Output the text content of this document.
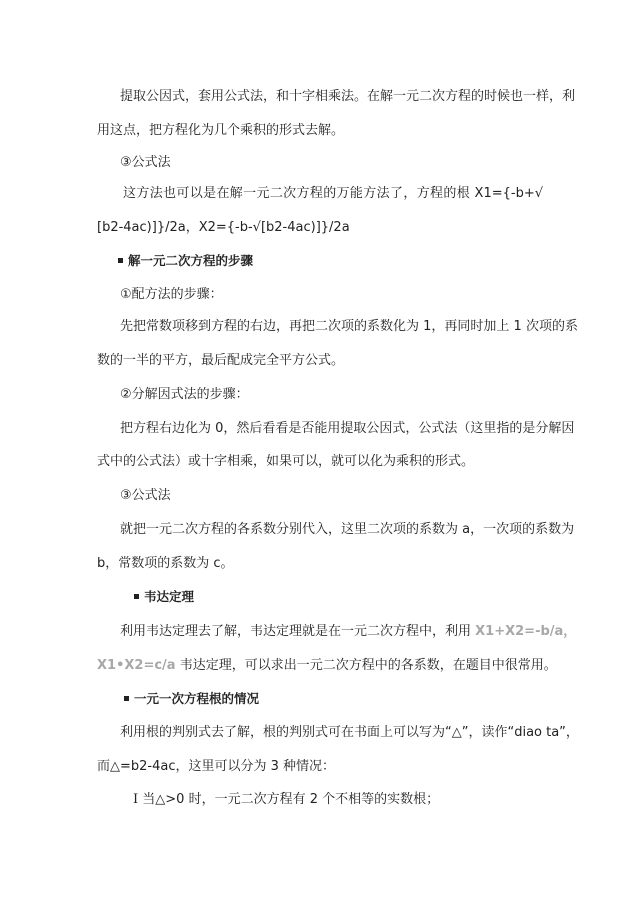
提取公因式，套用公式法，和十字相乘法。在解一元二次方程的时候也一样，利
用这点，把方程化为几个乘积的形式去解。
③公式法
这方法也可以是在解一元二次方程的万能方法了，方程的根 X1={-b+√
[b2-4ac)]}/2a，X2={-b-√[b2-4ac)]}/2a
解一元二次方程的步骤
①配方法的步骤：
先把常数项移到方程的右边，再把二次项的系数化为 1，再同时加上 1 次项的系
数的一半的平方，最后配成完全平方公式。
②分解因式法的步骤：
把方程右边化为 0，然后看看是否能用提取公因式，公式法（这里指的是分解因
式中的公式法）或十字相乘，如果可以，就可以化为乘积的形式。
③公式法
就把一元二次方程的各系数分别代入，这里二次项的系数为 a，一次项的系数为
b，常数项的系数为 c。
韦达定理
利用韦达定理去了解，韦达定理就是在一元二次方程中，利用 X1+X2=-b/a，
X1•X2=c/a 韦达定理，可以求出一元二次方程中的各系数，在题目中很常用。
一元一次方程根的情况
利用根的判别式去了解，根的判别式可在书面上可以写为“△”，读作“diao ta”，
而△=b2-4ac，这里可以分为 3 种情况：
I 当△>0 时，一元二次方程有 2 个不相等的实数根；
